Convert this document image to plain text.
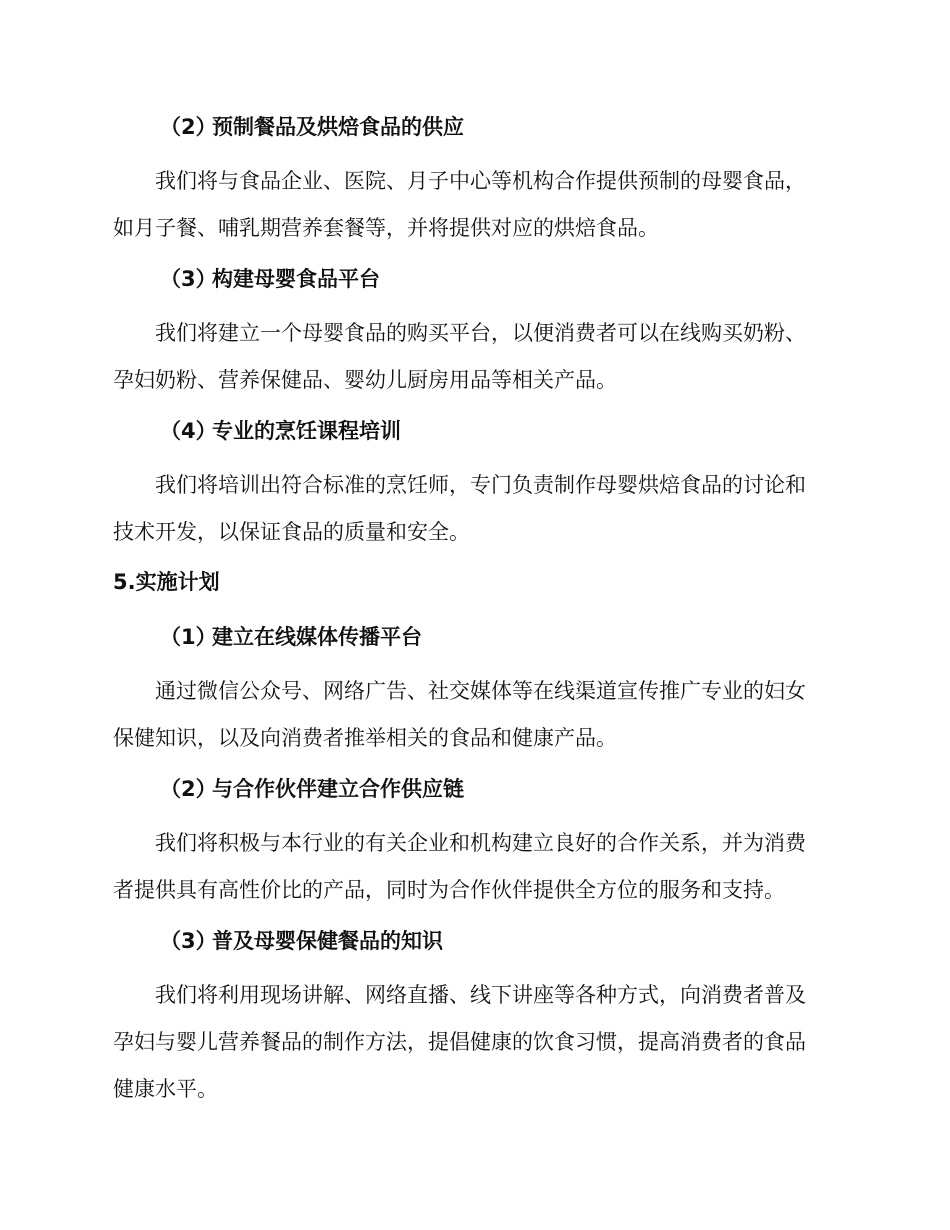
（2）预制餐品及烘焙食品的供应
我们将与食品企业、医院、月子中心等机构合作提供预制的母婴食品，
如月子餐、哺乳期营养套餐等，并将提供对应的烘焙食品。
（3）构建母婴食品平台
我们将建立一个母婴食品的购买平台，以便消费者可以在线购买奶粉、
孕妇奶粉、营养保健品、婴幼儿厨房用品等相关产品。
（4）专业的烹饪课程培训
我们将培训出符合标准的烹饪师，专门负责制作母婴烘焙食品的讨论和
技术开发，以保证食品的质量和安全。
5.实施计划
（1）建立在线媒体传播平台
通过微信公众号、网络广告、社交媒体等在线渠道宣传推广专业的妇女
保健知识，以及向消费者推举相关的食品和健康产品。
（2）与合作伙伴建立合作供应链
我们将积极与本行业的有关企业和机构建立良好的合作关系，并为消费
者提供具有高性价比的产品，同时为合作伙伴提供全方位的服务和支持。
（3）普及母婴保健餐品的知识
我们将利用现场讲解、网络直播、线下讲座等各种方式，向消费者普及
孕妇与婴儿营养餐品的制作方法，提倡健康的饮食习惯，提高消费者的食品
健康水平。
